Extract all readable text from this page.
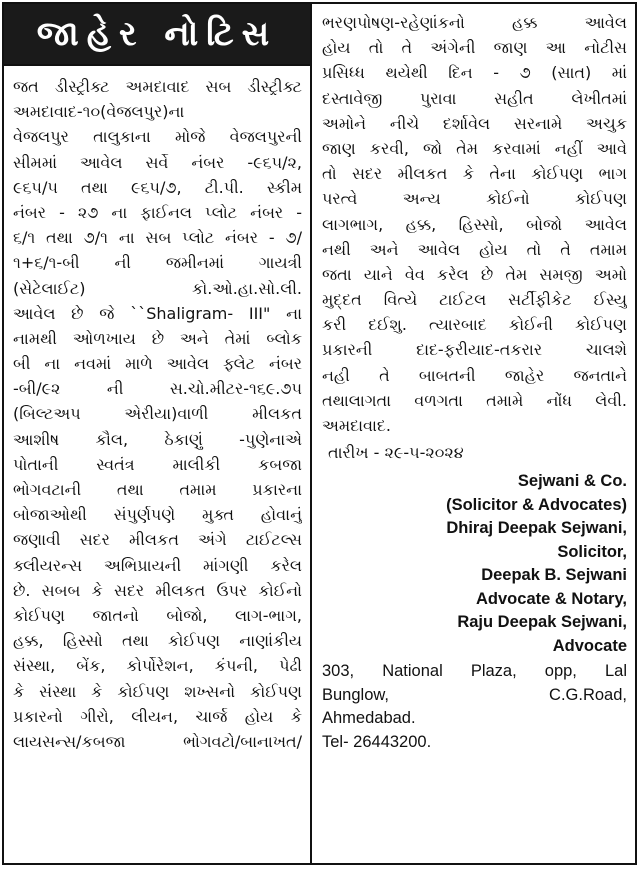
જાહેર નોટિસ
જત ડીસ્ટ્રીક્ટ અમદાવાદ સબ ડીસ્ટ્રીક્ટ
અમદાવાદ-૧૦(વેજલપુર)ના
વેજલપુર તાલુકાના મોજે વેજલપુરની
સીમમાં આવેલ સર્વે નંબર -૯૬૫/૨,
૯૬૫/૫ તથા ૯૬૫/૭, ટી.પી. સ્કીમ
નંબર - ૨૭ ના ફાઈનલ પ્લોટ નંબર -
૬/૧ તથા ૭/૧ ના સબ પ્લોટ નંબર - ૭/
૧+૬/૧-બી ની જમીનમાં ગાયત્રી
(સેટેલાઈટ) કો.ઓ.હા.સો.લી.
આવેલ છે જે ``Shaligram- III" ના
નામથી ઓળખાય છે અને તેમાં બ્લોક
બી ના નવમાં માળે આવેલ ફ્લેટ નંબર
-બી/૯૨ ની સ.ચો.મીટર-૧૬૯.૭૫
(બિલ્ટઅપ એરીયા)વાળી મીલકત
આશીષ કૌલ, ઠેકાણું -પુણેનાએ
પોતાની સ્વતંત્ર માલીકી કબજા
ભોગવટાની તથા તમામ પ્રકારના
બોજાઓથી સંપુર્ણપણે મુક્ત હોવાનું
જણાવી સદર મીલકત અંગે ટાઈટલ્સ
ક્લીયરન્સ અભિપ્રાયની માંગણી કરેલ
છે. સબબ કે સદર મીલકત ઉપર કોઈનો
કોઈપણ જાતનો બોજો, લાગ-ભાગ,
હક્ક, હિસ્સો તથા કોઈપણ નાણાંકીય
સંસ્થા, બેંક, કોર્પોરેશન, કંપની, પેઢી
કે સંસ્થા કે કોઈપણ શખ્સનો કોઈપણ
પ્રકારનો ગીરો, લીયન, ચાર્જ હોય કે
લાયસન્સ/કબજા ભોગવટો/બાનાખત/
ભરણપોષણ-રહેણાંકનો હક્ક આવેલ
હોય તો તે અંગેની જાણ આ નોટીસ
પ્રસિધ્ધ થયેથી દિન - ૭ (સાત) માં
દસ્તાવેજી પુરાવા સહીત લેખીતમાં
અમોને નીચે દર્શાવેલ સરનામે અચુક
જાણ કરવી, જો તેમ કરવામાં નહીં આવે
તો સદર મીલકત કે તેના કોઈપણ ભાગ
પરત્વે અન્ય કોઈનો કોઈપણ
લાગભાગ, હક્ક, હિસ્સો, બોજો આવેલ
નથી અને આવેલ હોય તો તે તમામ
જતા યાને વેવ કરેલ છે તેમ સમજી અમો
મુદ્દત વિત્યે ટાઈટલ સર્ટીફીકેટ ઈસ્યુ
કરી દઈશુ. ત્યારબાદ કોઈની કોઈપણ
પ્રકારની દાદ-ફરીયાદ-તકરાર ચાલશે
નહી તે બાબતની જાહેર જનતાને
તથાલાગતા વળગતા તમામે નોંધ લેવી.
અમદાવાદ.
તારીખ - ૨૯-૫-૨૦૨૪
Sejwani & Co.
(Solicitor & Advocates)
Dhiraj Deepak Sejwani,
Solicitor,
Deepak B. Sejwani
Advocate & Notary,
Raju Deepak Sejwani,
Advocate
303, National Plaza, opp, Lal
Bunglow,	C.G.Road,
Ahmedabad.
Tel- 26443200.
